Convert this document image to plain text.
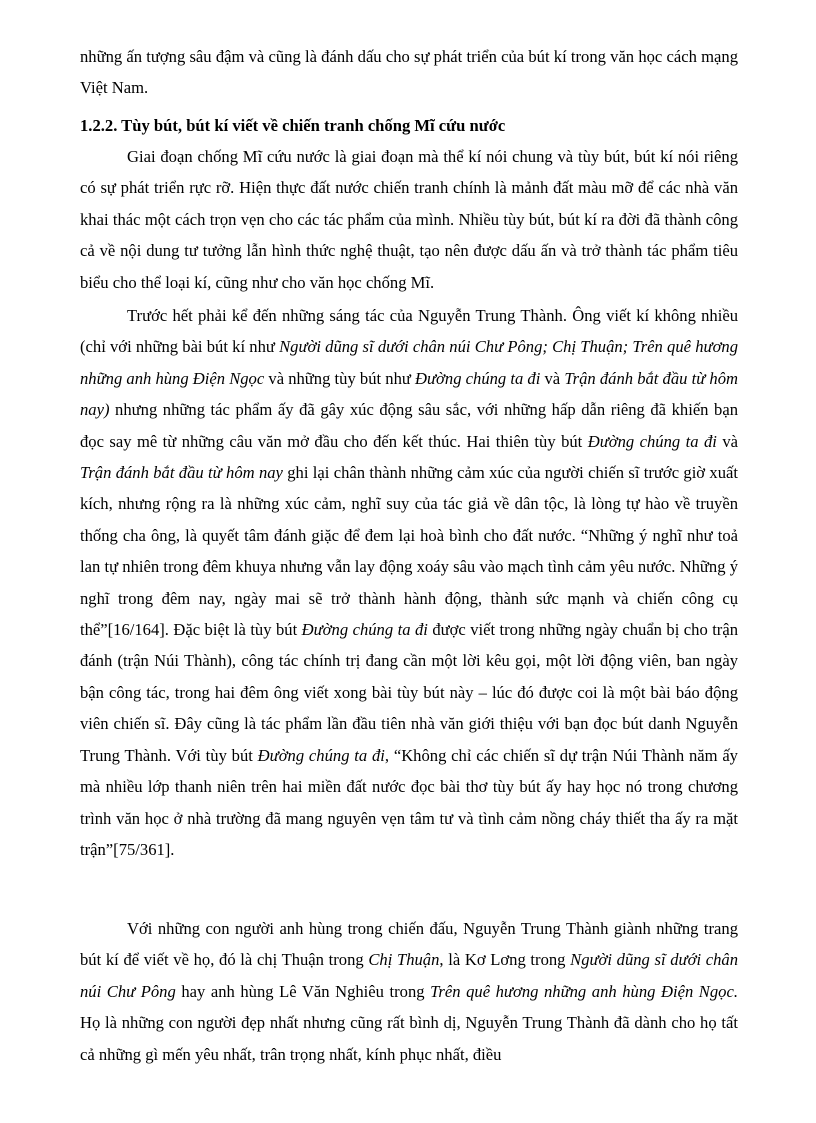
những ấn tượng sâu đậm và cũng là đánh dấu cho sự phát triển của bút kí trong văn học cách mạng Việt Nam.

1.2.2. Tùy bút, bút kí viết về chiến tranh chống Mĩ cứu nước

Giai đoạn chống Mĩ cứu nước là giai đoạn mà thể kí nói chung và tùy bút, bút kí nói riêng có sự phát triển rực rỡ. Hiện thực đất nước chiến tranh chính là mảnh đất màu mỡ để các nhà văn khai thác một cách trọn vẹn cho các tác phẩm của mình. Nhiều tùy bút, bút kí ra đời đã thành công cả về nội dung tư tưởng lẫn hình thức nghệ thuật, tạo nên được dấu ấn và trở thành tác phẩm tiêu biểu cho thể loại kí, cũng như cho văn học chống Mĩ.

Trước hết phải kể đến những sáng tác của Nguyễn Trung Thành. Ông viết kí không nhiều (chỉ với những bài bút kí như Người dũng sĩ dưới chân núi Chư Pông; Chị Thuận; Trên quê hương những anh hùng Điện Ngọc và những tùy bút như Đường chúng ta đi và Trận đánh bắt đầu từ hôm nay) nhưng những tác phẩm ấy đã gây xúc động sâu sắc, với những hấp dẫn riêng đã khiến bạn đọc say mê từ những câu văn mở đầu cho đến kết thúc. Hai thiên tùy bút Đường chúng ta đi và Trận đánh bắt đầu từ hôm nay ghi lại chân thành những cảm xúc của người chiến sĩ trước giờ xuất kích, nhưng rộng ra là những xúc cảm, nghĩ suy của tác giả về dân tộc, là lòng tự hào về truyền thống cha ông, là quyết tâm đánh giặc để đem lại hoà bình cho đất nước. “Những ý nghĩ như toả lan tự nhiên trong đêm khuya nhưng vẫn lay động xoáy sâu vào mạch tình cảm yêu nước. Những ý nghĩ trong đêm nay, ngày mai sẽ trở thành hành động, thành sức mạnh và chiến công cụ thể”[16/164]. Đặc biệt là tùy bút Đường chúng ta đi được viết trong những ngày chuẩn bị cho trận đánh (trận Núi Thành), công tác chính trị đang cần một lời kêu gọi, một lời động viên, ban ngày bận công tác, trong hai đêm ông viết xong bài tùy bút này – lúc đó được coi là một bài báo động viên chiến sĩ. Đây cũng là tác phẩm lần đầu tiên nhà văn giới thiệu với bạn đọc bút danh Nguyễn Trung Thành. Với tùy bút Đường chúng ta đi, “Không chỉ các chiến sĩ dự trận Núi Thành năm ấy mà nhiều lớp thanh niên trên hai miền đất nước đọc bài thơ tùy bút ấy hay học nó trong chương trình văn học ở nhà trường đã mang nguyên vẹn tâm tư và tình cảm nồng cháy thiết tha ấy ra mặt trận”[75/361].

Với những con người anh hùng trong chiến đấu, Nguyễn Trung Thành giành những trang bút kí để viết về họ, đó là chị Thuận trong Chị Thuận, là Kơ Lơng trong Người dũng sĩ dưới chân núi Chư Pông hay anh hùng Lê Văn Nghiêu trong Trên quê hương những anh hùng Điện Ngọc. Họ là những con người đẹp nhất nhưng cũng rất bình dị, Nguyễn Trung Thành đã dành cho họ tất cả những gì mến yêu nhất, trân trọng nhất, kính phục nhất, điều
